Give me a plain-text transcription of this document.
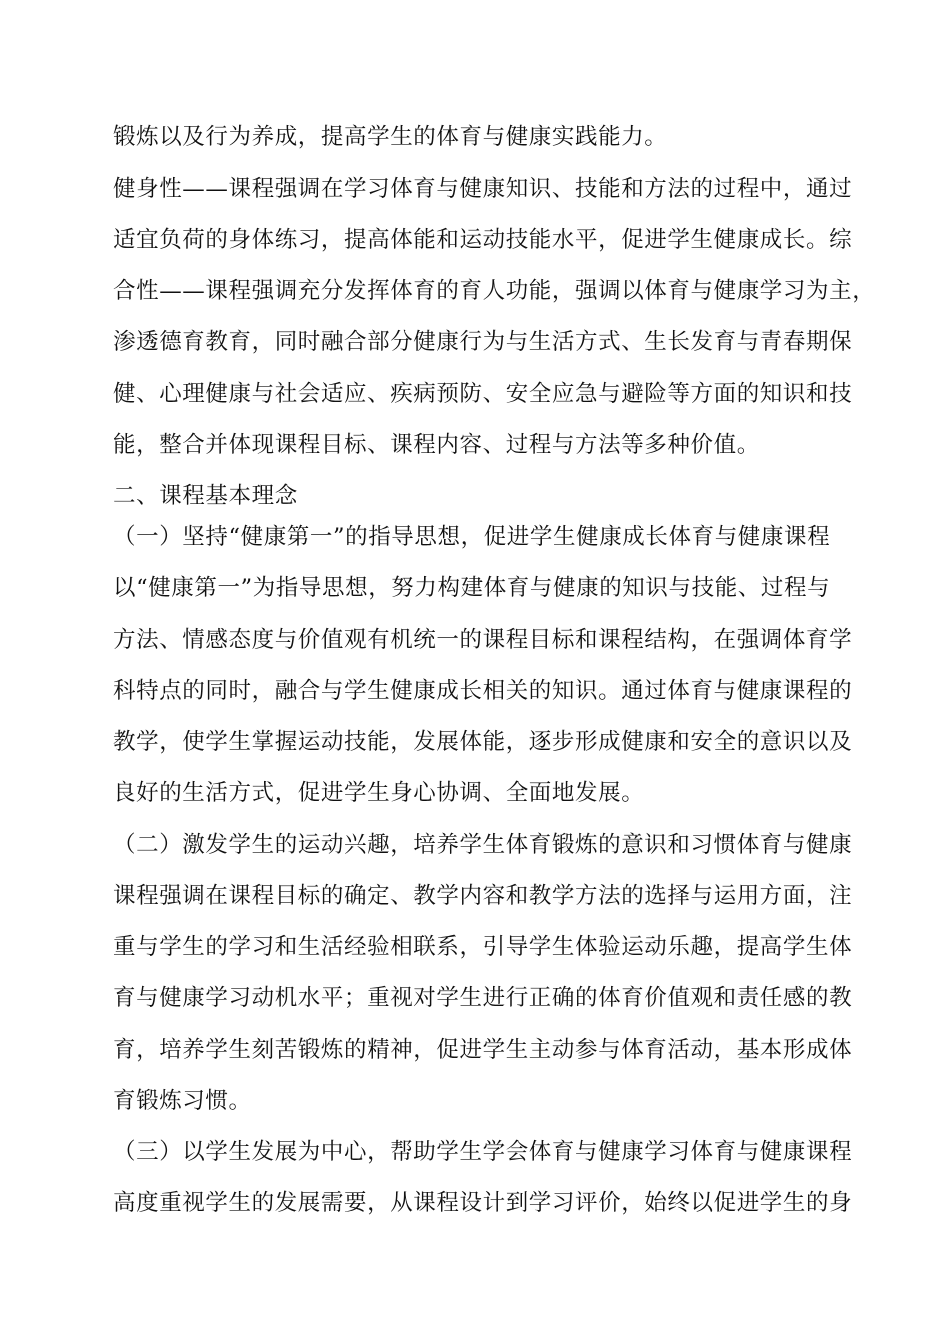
锻炼以及行为养成，提高学生的体育与健康实践能力。
健身性——课程强调在学习体育与健康知识、技能和方法的过程中，通过
适宜负荷的身体练习，提高体能和运动技能水平，促进学生健康成长。综
合性——课程强调充分发挥体育的育人功能，强调以体育与健康学习为主，
渗透德育教育，同时融合部分健康行为与生活方式、生长发育与青春期保
健、心理健康与社会适应、疾病预防、安全应急与避险等方面的知识和技
能，整合并体现课程目标、课程内容、过程与方法等多种价值。
二、课程基本理念
（一）坚持“健康第一”的指导思想，促进学生健康成长体育与健康课程
以“健康第一”为指导思想，努力构建体育与健康的知识与技能、过程与
方法、情感态度与价值观有机统一的课程目标和课程结构，在强调体育学
科特点的同时，融合与学生健康成长相关的知识。通过体育与健康课程的
教学，使学生掌握运动技能，发展体能，逐步形成健康和安全的意识以及
良好的生活方式，促进学生身心协调、全面地发展。
（二）激发学生的运动兴趣，培养学生体育锻炼的意识和习惯体育与健康
课程强调在课程目标的确定、教学内容和教学方法的选择与运用方面，注
重与学生的学习和生活经验相联系，引导学生体验运动乐趣，提高学生体
育与健康学习动机水平；重视对学生进行正确的体育价值观和责任感的教
育，培养学生刻苦锻炼的精神，促进学生主动参与体育活动，基本形成体
育锻炼习惯。
（三）以学生发展为中心，帮助学生学会体育与健康学习体育与健康课程
高度重视学生的发展需要，从课程设计到学习评价，始终以促进学生的身
